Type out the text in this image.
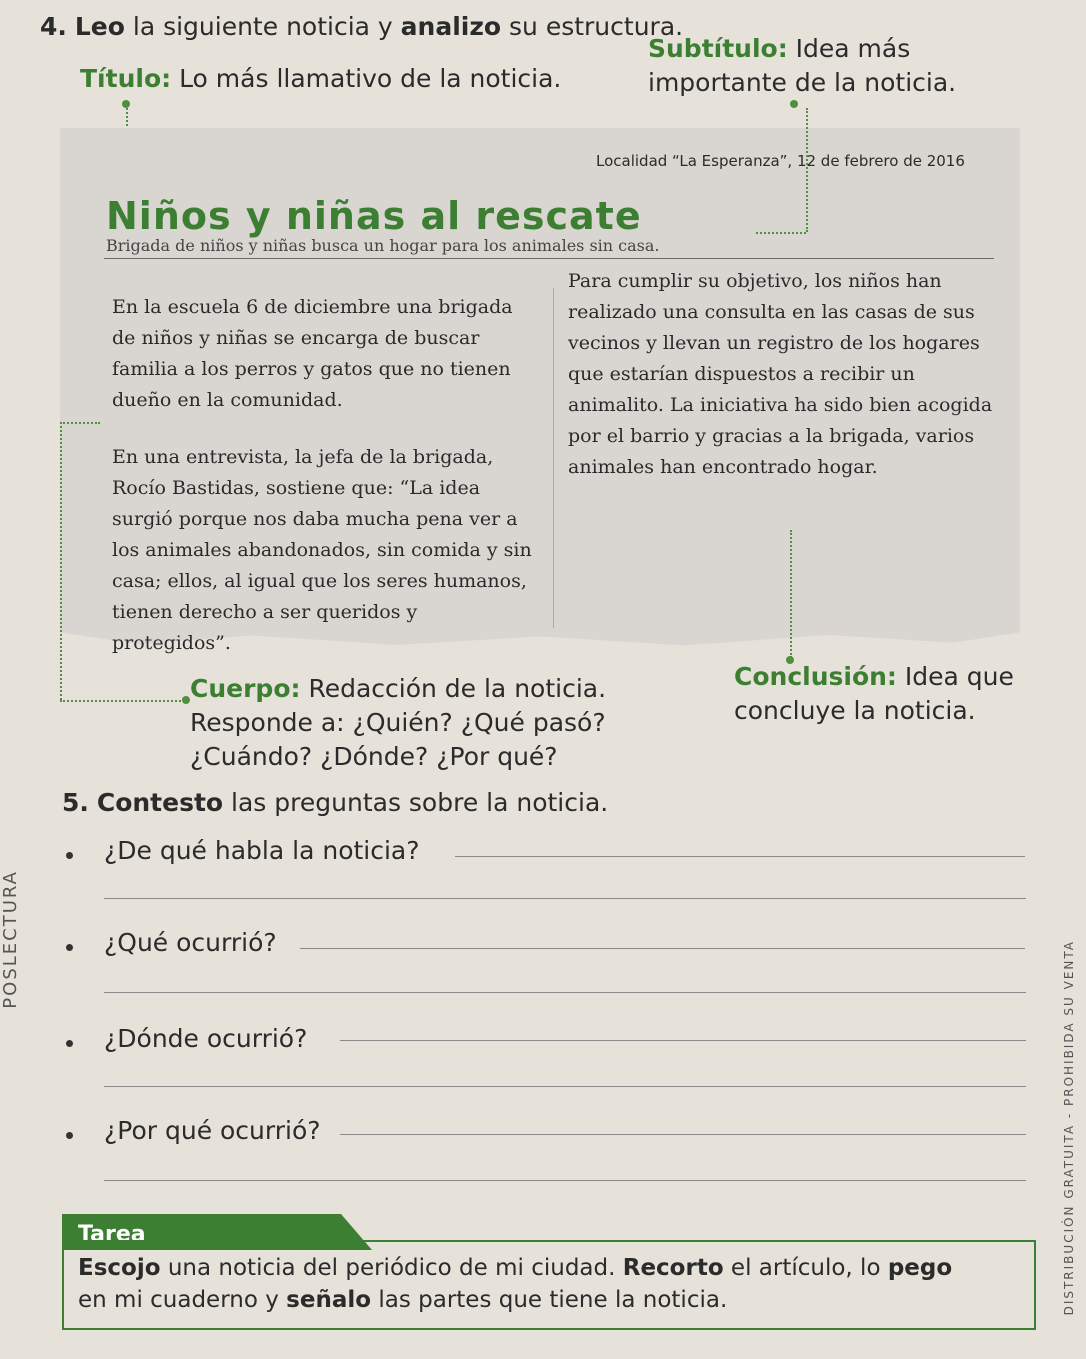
4. Leo la siguiente noticia y analizo su estructura.
Título: Lo más llamativo de la noticia.
Subtítulo: Idea más
importante de la noticia.
Localidad “La Esperanza”, 12 de febrero de 2016
Niños y niñas al rescate
Brigada de niños y niñas busca un hogar para los animales sin casa.

En la escuela 6 de diciembre una brigada de niños y niñas se encarga de buscar familia a los perros y gatos que no tienen dueño en la comunidad.

En una entrevista, la jefa de la brigada, Rocío Bastidas, sostiene que: “La idea surgió porque nos daba mucha pena ver a los animales abandonados, sin comida y sin casa; ellos, al igual que los seres humanos, tienen derecho a ser queridos y protegidos”.

Para cumplir su objetivo, los niños han realizado una consulta en las casas de sus vecinos y llevan un registro de los hogares que estarían dispuestos a recibir un animalito. La iniciativa ha sido bien acogida por el barrio y gracias a la brigada, varios animales han encontrado hogar.

Cuerpo: Redacción de la noticia.
Responde a: ¿Quién? ¿Qué pasó?
¿Cuándo? ¿Dónde? ¿Por qué?
Conclusión: Idea que
concluye la noticia.
5. Contesto las preguntas sobre la noticia.
¿De qué habla la noticia?
¿Qué ocurrió?
¿Dónde ocurrió?
¿Por qué ocurrió?
Tarea
Escojo una noticia del periódico de mi ciudad. Recorto el artículo, lo pego
en mi cuaderno y señalo las partes que tiene la noticia.
POSLECTURA
DISTRIBUCIÓN GRATUITA - PROHIBIDA SU VENTA
